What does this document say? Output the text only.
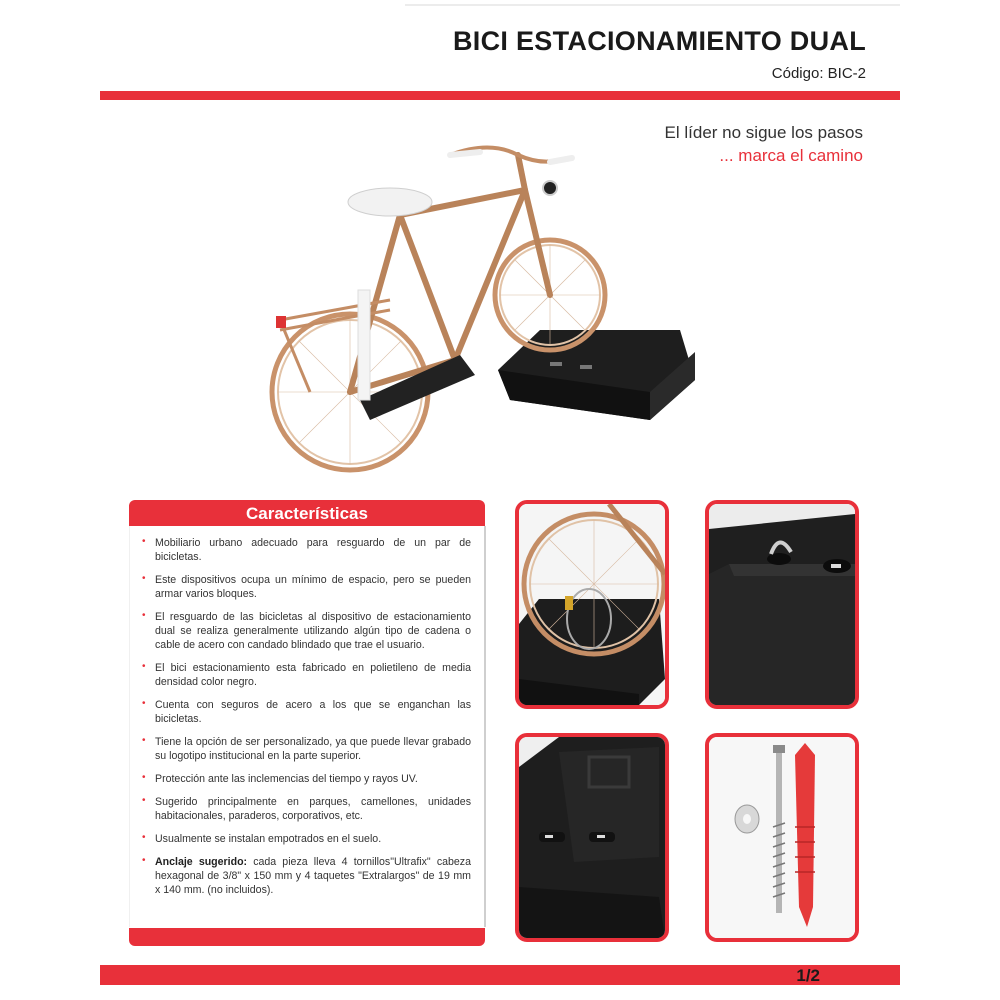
BICI ESTACIONAMIENTO DUAL
Código: BIC-2
El líder no sigue los pasos
... marca el camino
Características
• Mobiliario urbano adecuado para resguardo de un par de bicicletas.
• Este dispositivos ocupa un mínimo de espacio, pero se pueden armar varios bloques.
• El resguardo de las bicicletas al dispositivo de estacionamiento dual se realiza generalmente utilizando algún tipo de cadena o cable de acero con candado blindado que trae el usuario.
• El bici estacionamiento esta fabricado en polietileno de media densidad color negro.
• Cuenta con seguros de acero a los que se enganchan las bicicletas.
• Tiene la opción de ser personalizado, ya que puede llevar grabado su logotipo institucional en la parte superior.
• Protección ante las inclemencias del tiempo y rayos UV.
• Sugerido principalmente en parques, camellones, unidades habitacionales, paraderos, corporativos, etc.
• Usualmente se instalan empotrados en el suelo.
• Anclaje sugerido: cada pieza lleva 4 tornillos"Ultrafix" cabeza hexagonal de 3/8" x 150 mm y 4 taquetes "Extralargos" de 19 mm x 140 mm. (no incluidos).
1/2
